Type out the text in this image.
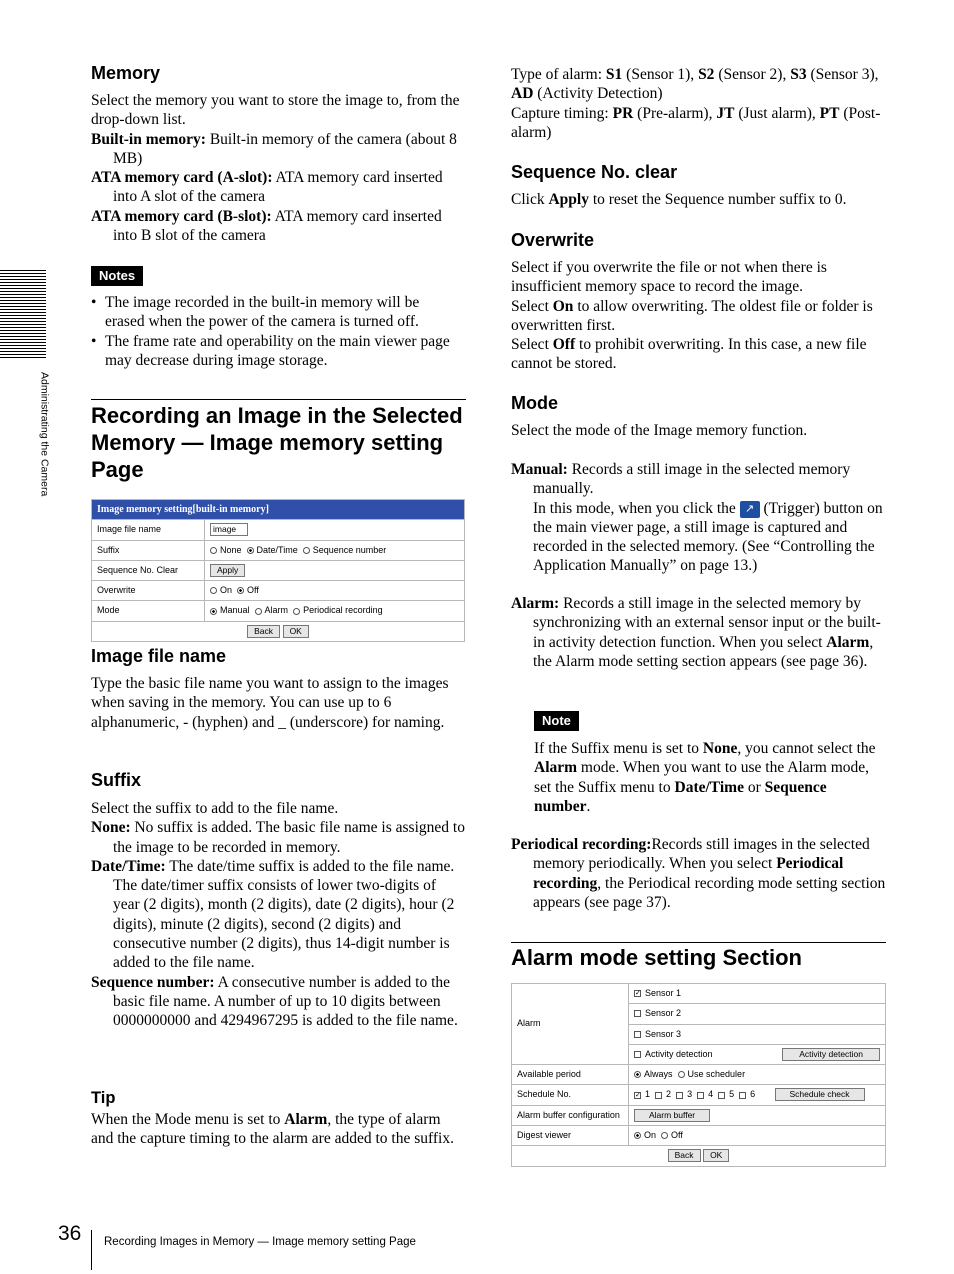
Administrating the Camera
Memory

Select the memory you want to store the image to, from the drop-down list.

Built-in memory: Built-in memory of the camera (about 8 MB)

ATA memory card (A-slot): ATA memory card inserted into A slot of the camera

ATA memory card (B-slot): ATA memory card inserted into B slot of the camera

Notes
• The image recorded in the built-in memory will be erased when the power of the camera is turned off.
• The frame rate and operability on the main viewer page may decrease during image storage.
Recording an Image in the Selected Memory — Image memory setting Page
Image memory setting[built-in memory]	
Image file name	image
Suffix	None Date/Time Sequence number
Sequence No. Clear	Apply
Overwrite	On Off
Mode	Manual Alarm Periodical recording
Back OK	
Image file name

Type the basic file name you want to assign to the images when saving in the memory. You can use up to 6 alphanumeric, - (hyphen) and _ (underscore) for naming.

Suffix

Select the suffix to add to the file name.

None: No suffix is added. The basic file name is assigned to the image to be recorded in memory.

Date/Time: The date/time suffix is added to the file name.

The date/timer suffix consists of lower two-digits of year (2 digits), month (2 digits), date (2 digits), hour (2 digits), minute (2 digits), second (2 digits) and consecutive number (2 digits), thus 14-digit number is added to the file name.

Sequence number: A consecutive number is added to the basic file name. A number of up to 10 digits between 0000000000 and 4294967295 is added to the file name.

Tip

When the Mode menu is set to Alarm, the type of alarm and the capture timing to the alarm are added to the suffix.

Type of alarm: S1 (Sensor 1), S2 (Sensor 2), S3 (Sensor 3), AD (Activity Detection)
Capture timing: PR (Pre-alarm), JT (Just alarm), PT (Post-alarm)

Sequence No. clear

Click Apply to reset the Sequence number suffix to 0.

Overwrite

Select if you overwrite the file or not when there is insufficient memory space to record the image.

Select On to allow overwriting. The oldest file or folder is overwritten first.

Select Off to prohibit overwriting. In this case, a new file cannot be stored.

Mode

Select the mode of the Image memory function.

Manual: Records a still image in the selected memory manually.

In this mode, when you click the ↗ (Trigger) button on the main viewer page, a still image is captured and recorded in the selected memory. (See “Controlling the Application Manually” on page 13.)

Alarm: Records a still image in the selected memory by synchronizing with an external sensor input or the built-in activity detection function. When you select Alarm, the Alarm mode setting section appears (see page 36).

Note

If the Suffix menu is set to None, you cannot select the Alarm mode. When you want to use the Alarm mode, set the Suffix menu to Date/Time or Sequence number.

Periodical recording:Records still images in the selected memory periodically. When you select Periodical recording, the Periodical recording mode setting section appears (see page 37).

Alarm mode setting Section
Alarm	✓ Sensor 1	
	Sensor 2	
	Sensor 3	
	Activity detection	Activity detection
Available period	Always Use scheduler	
Schedule No.	✓ 1 2 3 4 5 6	Schedule check
Alarm buffer configuration	Alarm buffer	
Digest viewer	On Off	
Back OK		
36 Recording Images in Memory — Image memory setting Page
